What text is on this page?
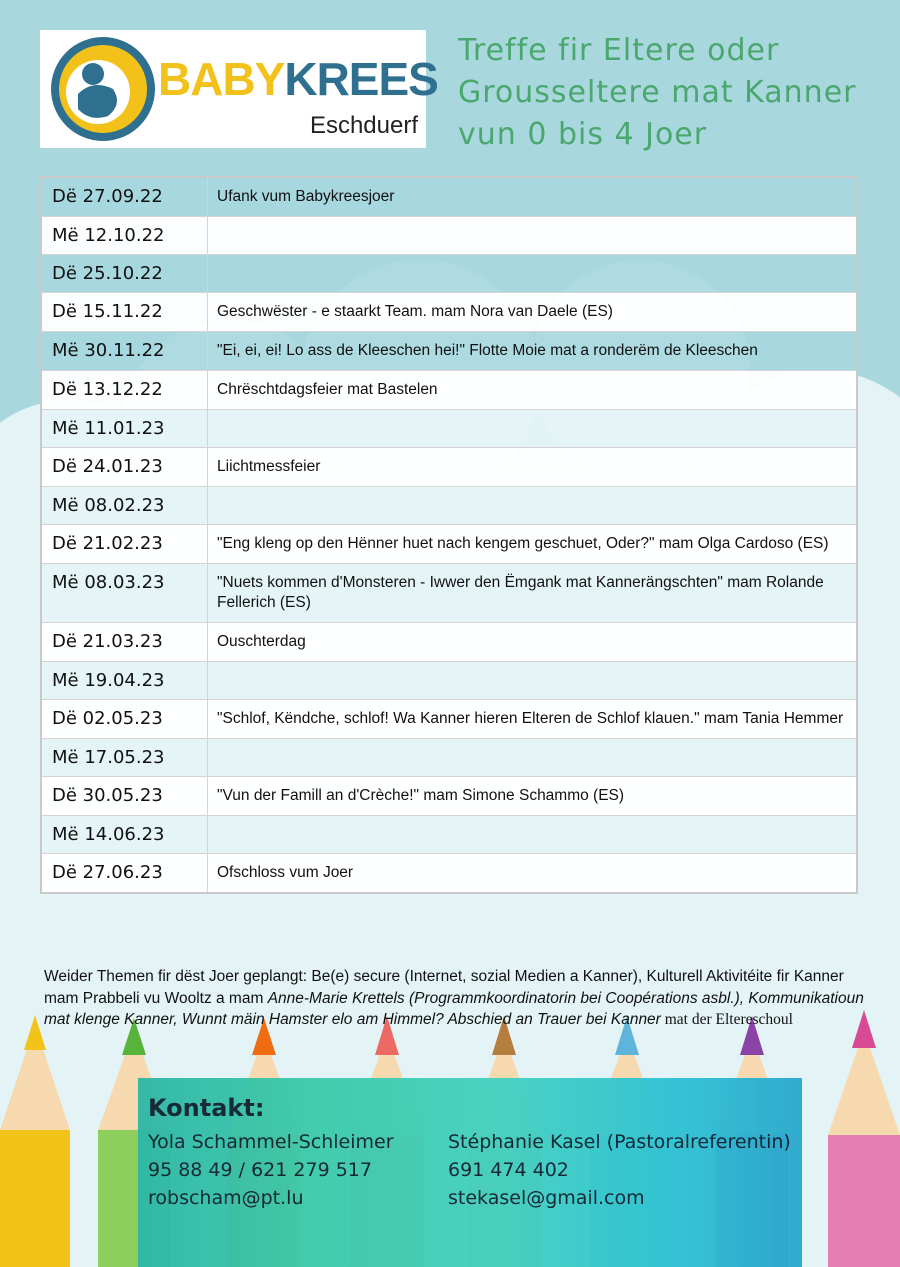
BABYKREES
Eschduerf
Treffe fir Eltere oder
Grousseltere mat Kanner
vun 0 bis 4 Joer
Dë 27.09.22	Ufank vum Babykreesjoer
Më 12.10.22
Dë 25.10.22
Dë 15.11.22	Geschwëster - e staarkt Team. mam Nora van Daele (ES)
Më 30.11.22	"Ei, ei, ei! Lo ass de Kleeschen hei!" Flotte Moie mat a ronderëm de Kleeschen
Dë 13.12.22	Chrëschtdagsfeier mat Bastelen
Më 11.01.23
Dë 24.01.23	Liichtmessfeier
Më 08.02.23
Dë 21.02.23	"Eng kleng op den Hënner huet nach kengem geschuet, Oder?" mam Olga Cardoso (ES)
Më 08.03.23	"Nuets kommen d'Monsteren - Iwwer den Ëmgank mat Kannerängschten" mam Rolande Fellerich (ES)
Dë 21.03.23	Ouschterdag
Më 19.04.23
Dë 02.05.23	"Schlof, Këndche, schlof! Wa Kanner hieren Elteren de Schlof klauen." mam Tania Hemmer
Më 17.05.23
Dë 30.05.23	"Vun der Famill an d'Crèche!" mam Simone Schammo (ES)
Më 14.06.23
Dë 27.06.23	Ofschloss vum Joer
Weider Themen fir dëst Joer geplangt: Be(e) secure (Internet, sozial Medien a Kanner), Kulturell Aktivitéite fir Kanner mam Prabbeli vu Wooltz a mam Anne-Marie Krettels (Programmkoordinatorin bei Coopérations asbl.), Kommunikatioun mat klenge Kanner, Wunnt mäin Hamster elo am Himmel? Abschied an Trauer bei Kanner mat der Eltereschoul
Kontakt:
Yola Schammel-Schleimer
95 88 49 / 621 279 517
robscham@pt.lu
Stéphanie Kasel (Pastoralreferentin)
691 474 402
stekasel@gmail.com
